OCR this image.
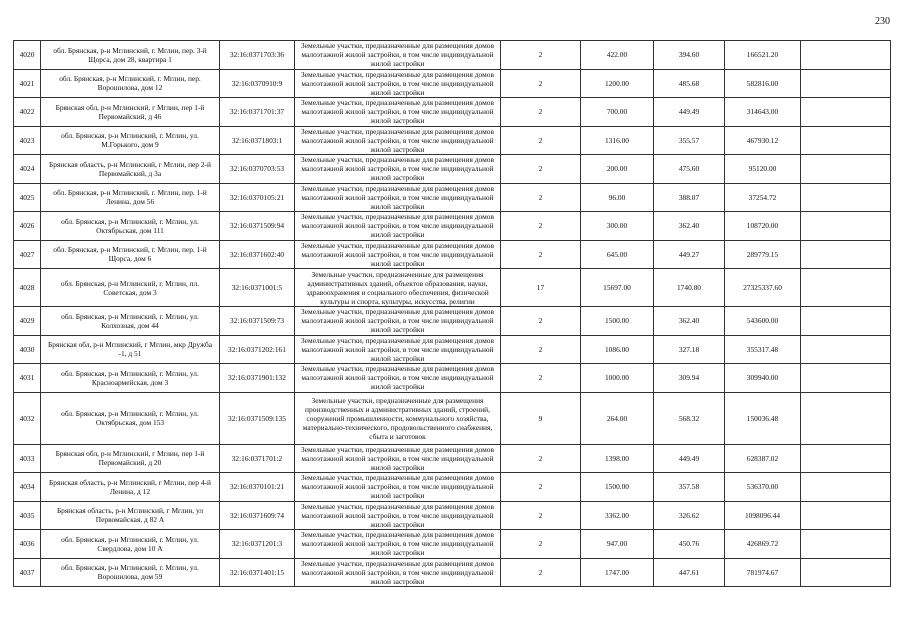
230
4020	обл. Брянская, р-н Мглинский, г. Мглин, пер. 3-й Щорса, дом 28, квартира 1	32:16:0371703:36	Земельные участки, предназначенные для размещения домов малоэтажной жилой застройки, в том числе индивидуальной жилой застройки	2	422.00	394.60	166521.20	
4021	обл. Брянская, р-н Мглинский, г. Мглин, пер. Ворошилова, дом 12	32:16:0370910:9	Земельные участки, предназначенные для размещения домов малоэтажной жилой застройки, в том числе индивидуальной жилой застройки	2	1200.00	485.68	582816.00	
4022	Брянская обл, р-н Мглинский, г Мглин, пер 1-й Первомайский, д 46	32:16:0371701:37	Земельные участки, предназначенные для размещения домов малоэтажной жилой застройки, в том числе индивидуальной жилой застройки	2	700.00	449.49	314643.00	
4023	обл. Брянская, р-н Мглинский, г. Мглин, ул. М.Горького, дом 9	32:16:0371803:1	Земельные участки, предназначенные для размещения домов малоэтажной жилой застройки, в том числе индивидуальной жилой застройки	2	1316.00	355.57	467930.12	
4024	Брянская область, р-н Мглинский, г Мглин, пер 2-й Первомайский, д 3а	32:16:0370703:53	Земельные участки, предназначенные для размещения домов малоэтажной жилой застройки, в том числе индивидуальной жилой застройки	2	200.00	475.60	95120.00	
4025	обл. Брянская, р-н Мглинский, г. Мглин, пер. 1-й Ленина, дом 56	32:16:0370105:21	Земельные участки, предназначенные для размещения домов малоэтажной жилой застройки, в том числе индивидуальной жилой застройки	2	96.00	388.07	37254.72	
4026	обл. Брянская, р-н Мглинский, г. Мглин, ул. Октябрьская, дом 111	32:16:0371509:94	Земельные участки, предназначенные для размещения домов малоэтажной жилой застройки, в том числе индивидуальной жилой застройки	2	300.00	362.40	108720.00	
4027	обл. Брянская, р-н Мглинский, г. Мглин, пер. 1-й Щорса, дом 6	32:16:0371602:40	Земельные участки, предназначенные для размещения домов малоэтажной жилой застройки, в том числе индивидуальной жилой застройки	2	645.00	449.27	289779.15	
4028	обл. Брянская, р-н Мглинский, г. Мглин, пл. Советская, дом 3	32:16:0371001:5	Земельные участки, предназначенные для размещения административных зданий, объектов образования, науки, здравоохранения и социального обеспечения, физической культуры и спорта, культуры, искусства, религии	17	15697.00	1740.80	27325337.60	
4029	обл. Брянская, р-н Мглинский, г. Мглин, ул. Колхозная, дом 44	32:16:0371509:73	Земельные участки, предназначенные для размещения домов малоэтажной жилой застройки, в том числе индивидуальной жилой застройки	2	1500.00	362.40	543600.00	
4030	Брянская обл, р-н Мглинский, г Мглин, мкр Дружба -1, д 51	32:16:0371202:161	Земельные участки, предназначенные для размещения домов малоэтажной жилой застройки, в том числе индивидуальной жилой застройки	2	1086.00	327.18	355317.48	
4031	обл. Брянская, р-н Мглинский, г. Мглин, ул. Красноармейская, дом 3	32:16:0371901:132	Земельные участки, предназначенные для размещения домов малоэтажной жилой застройки, в том числе индивидуальной жилой застройки	2	1000.00	309.94	309940.00	
4032	обл. Брянская, р-н Мглинский, г. Мглин, ул. Октябрьская, дом 153	32:16:0371509:135	Земельные участки, предназначенные для размещения производственных и административных зданий, строений, сооружений промышленности, коммунального хозяйства, материально-технического, продовольственного снабжения, сбыта и заготовок	9	264.00	568.32	150036.48	
4033	Брянская обл, р-н Мглинский, г Мглин, пер 1-й Первомайский, д 20	32:16:0371701:2	Земельные участки, предназначенные для размещения домов малоэтажной жилой застройки, в том числе индивидуальной жилой застройки	2	1398.00	449.49	628387.02	
4034	Брянская область, р-н Мглинский, г Мглин, пер 4-й Ленина, д 12	32:16:0370101:21	Земельные участки, предназначенные для размещения домов малоэтажной жилой застройки, в том числе индивидуальной жилой застройки	2	1500.00	357.58	536370.00	
4035	Брянская область, р-н Мглинский, г Мглин, ул Первомайская, д 82 А	32:16:0371609:74	Земельные участки, предназначенные для размещения домов малоэтажной жилой застройки, в том числе индивидуальной жилой застройки	2	3362.00	326.62	1098096.44	
4036	обл. Брянская, р-н Мглинский, г. Мглин, ул. Свердлова, дом 10 А	32:16:0371201:3	Земельные участки, предназначенные для размещения домов малоэтажной жилой застройки, в том числе индивидуальной жилой застройки	2	947.00	450.76	426869.72	
4037	обл. Брянская, р-н Мглинский, г. Мглин, ул. Ворошилова, дом 59	32:16:0371401:15	Земельные участки, предназначенные для размещения домов малоэтажной жилой застройки, в том числе индивидуальной жилой застройки	2	1747.00	447.61	781974.67	
